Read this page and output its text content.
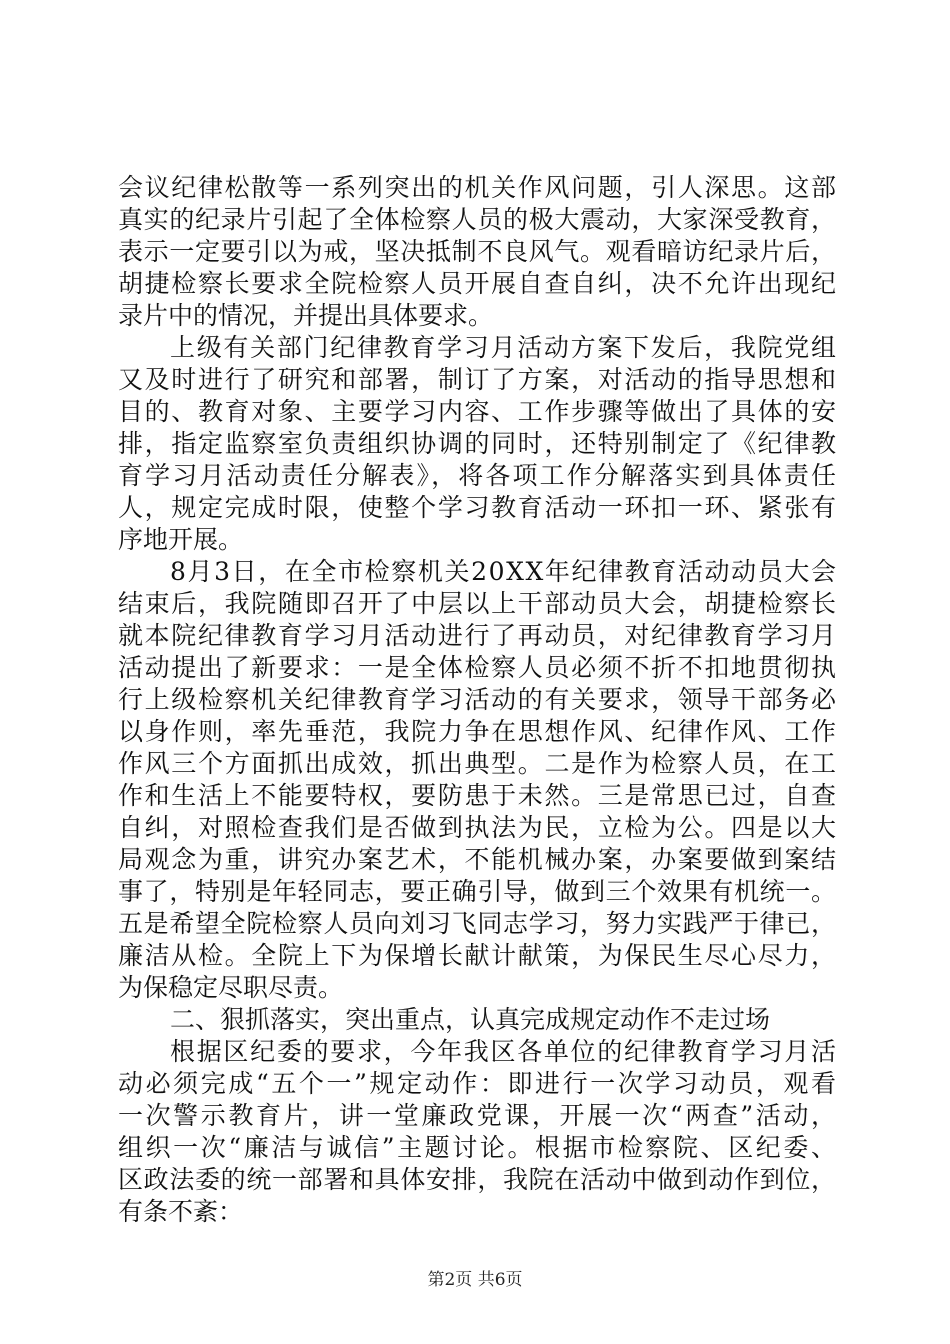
会议纪律松散等一系列突出的机关作风问题，引人深思。这部
真实的纪录片引起了全体检察人员的极大震动，大家深受教育，
表示一定要引以为戒，坚决抵制不良风气。观看暗访纪录片后，
胡捷检察长要求全院检察人员开展自查自纠，决不允许出现纪
录片中的情况，并提出具体要求。
上级有关部门纪律教育学习月活动方案下发后，我院党组
又及时进行了研究和部署，制订了方案，对活动的指导思想和
目的、教育对象、主要学习内容、工作步骤等做出了具体的安
排，指定监察室负责组织协调的同时，还特别制定了《纪律教
育学习月活动责任分解表》，将各项工作分解落实到具体责任
人，规定完成时限，使整个学习教育活动一环扣一环、紧张有
序地开展。
8月3日，在全市检察机关20XX年纪律教育活动动员大会
结束后，我院随即召开了中层以上干部动员大会，胡捷检察长
就本院纪律教育学习月活动进行了再动员，对纪律教育学习月
活动提出了新要求：一是全体检察人员必须不折不扣地贯彻执
行上级检察机关纪律教育学习活动的有关要求，领导干部务必
以身作则，率先垂范，我院力争在思想作风、纪律作风、工作
作风三个方面抓出成效，抓出典型。二是作为检察人员，在工
作和生活上不能要特权，要防患于未然。三是常思已过，自查
自纠，对照检查我们是否做到执法为民，立检为公。四是以大
局观念为重，讲究办案艺术，不能机械办案，办案要做到案结
事了，特别是年轻同志，要正确引导，做到三个效果有机统一。
五是希望全院检察人员向刘习飞同志学习，努力实践严于律已，
廉洁从检。全院上下为保增长献计献策，为保民生尽心尽力，
为保稳定尽职尽责。
二、狠抓落实，突出重点，认真完成规定动作不走过场
根据区纪委的要求，今年我区各单位的纪律教育学习月活
动必须完成“五个一”规定动作：即进行一次学习动员，观看
一次警示教育片，讲一堂廉政党课，开展一次“两查”活动，
组织一次“廉洁与诚信”主题讨论。根据市检察院、区纪委、
区政法委的统一部署和具体安排，我院在活动中做到动作到位，
有条不紊：
第2页 共6页
